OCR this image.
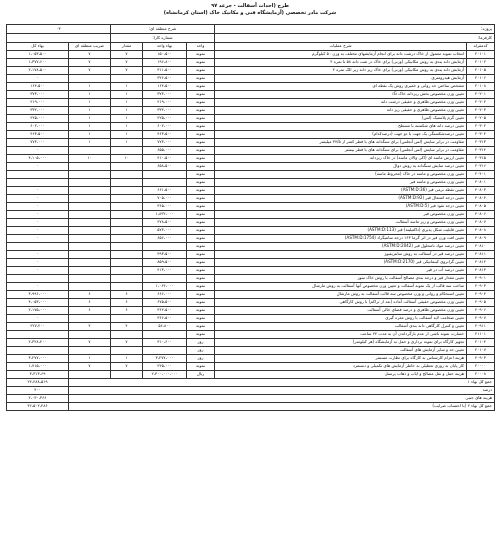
طرح (احداث آسفالت - جرعد ۹۷
شرکت مادر تخصصی (آزمایشگاه فنی و مکانیک خاک (استان کرمانشاه)
پروژه:		شرح منطقه ای:			۰۳	
کارفرما:		شماره کارا:				
کدمقرله	شرح عملیات	واحد	بهاء واحد	مقدار	ضریب منطقه ای	بهاء کل
۲۰۱۰۱	انتخاب نمونه معمول از خاک درشت دانه برای انجام آزمایشهای مختلف به وزن ۵۰ کیلوگرم	نمونه	۱۵۰،۵۰۰	۷	۷	۱،۰۵۳،۵۰۰
۲۰۱۰۲	آزمایش دانه بندی به روش مکانیکی (وزنی) برای خاک در شت دانه ۵۸ تا نمره ۴	نمونه	۱۹۶،۸۰۰	۷	۷	۱،۳۷۷،۶۰۰
۲۰۱۰۵	آزمایش دانه بندی به روش مکانیکی (وزنی) برای خاک ریز دانه زیر الک نمره ۴	نمونه	۳۱۱،۵۰۰	۷	۷	۲،۱۷۸،۵۰۰
۲۰۱۰۶	آزمایش هیدرومتری	نمونه	۳۲۶،۵۰۰			۰
۲۰۱۰۸	مشخص ساختن حد روانی و خمیری روش یک نقطه ای	نمونه	۱۶۴،۵۰۰	۱	۱	۱۶۴،۵۰۰
۲۰۲۰۱	تعیین وزن مخصوص بخش ریزدانه خاک G٪	نمونه	۳۷۳،۰۰۰	۱	۱	۳۷۳،۰۰۰
۲۰۲۰۲	تعیین وزن مخصوص ظاهری و حقیقی درشت دانه	نمونه	۲۱۹،۰۰۰	۱	۱	۲۱۹،۰۰۰
۲۰۲۰۳	تعیین وزن مخصوص ظاهری و حقیقی ریز دانه	نمونه	۳۳۲،۰۰۰	۱	۱	۳۳۲،۰۰۰
۲۰۲۰۵	تعیین گرم پلاستیک (لس)	نمونه	۲۲۵،۰۰۰	۱	۱	۲۲۵،۰۰۰
۲۰۳۰۲	تعیین درصد دانه های شکسته با مسطح	نمونه	۶۰۲،۰۰۰	۱	۱	۶۰۲،۰۰۰
۲۰۳۰۴	تعیین درصدشکستگی یک جهت یا دو جهت (درصدکدام)	نمونه	۴۶۳،۵۰۰	۱	۱	۴۶۳،۵۰۰
۲۰۳۱۳	مقاومت در برابر سایش (لس آنجلس) برای سنگدانه های با قطر کمتر از ۳۷/۵ میلیمتر	نمونه	۷۷۳،۰۰۰	۱	۱	۷۷۳،۰۰۰
۲۰۳۱۴	مقاومت در برابر سایش (لس آنجلس) برای سنگدانه های با قطر بیشتر	نمونه	۶۵۵،۰۰۰			۰
۲۰۳۱۵	تعیین ارزش ماسه ای (اکی والان ماسه) در خاک ریزدانه	نمونه	۴۱۰،۵۰۰	۱۰	۱۰	۴،۱۰۵،۰۰۰
۲۰۳۱۶	تعیین درصد سایش سنگدانه به روش دوال	نمونه	۶۵۸،۵۰۰			۰
۲۰۴۰۱	تعیین وزن مخصوص و ماسه در خاک (مخروط ماسه)	نمونه				
۲۰۸۰۱	تعیین وزن مخصوص و ماسه فیر	نمونه				
۲۰۸۰۳	تعیین نقطه نرمی قیر (ASTM:D:36)	نمونه	۶۶۱،۵۰۰			۰
۲۰۸۰۴	تعیین درجه اشتعال قیر (ASTM:D:92)	نمونه	۷۰۵،۰۰۰			۰
۲۰۸۰۵	تعیین درجه نفوذ قیر (ASTM:D:5)	نمونه	۳۶۵،۰۰۰			۰
۲۰۸۰۶	تعیین وزن مخصوص قیر	نمونه	۱،۸۳۲،۰۰۰			۰
۲۰۸۰۷	تعیین وزن مخصوص و ریز ماسه آسفالت	نمونه	۲۷۸،۵۰۰			۰
۲۰۸۰۸	تعیین قابلیت شکل پذیری (داکتیلیته) قیر (ASTM:D:113)	نمونه	۵۷۳،۰۰۰			۰
۲۰۸۰۹	تعیین افت وزن قیر در اثر گرما ۱۶۳ درجه سانتیگراد (ASTM:D:1754)	نمونه	۶۵۶،۰۰۰			۰
۲۰۸۱۰	تعیین درصد مواد نامحلول قیر (ASTM:D:2042)	نمونه				
۲۰۸۱۱	تعیین درصد قیر در آسفالت به روش سانتریفیوژ	نمونه	۴۹۳،۵۰۰			۰
۲۰۸۱۲	تعیین گرانروی کینماتیکی قیر (ASTM:D:2170)	نمونه	۸۵۹،۵۰۰			۰
۲۰۸۱۳	تعیین درصد آب در قیر	نمونه	۴۱۳،۰۰۰			۰
۲۰۹۰۱	تعیین مقدار قیر و درجه بندی مصالح آسفالت با روش خاک سوز	نمونه				
۲۰۹۰۳	ساخت سه قالب از یک نمونه آسفالت و تعیین وزن مخصوص آنها آسفالت به روش مارشال	نمونه	۱،۰۶۴،۰۰۰			۰
۲۰۹۰۴	تعیین استحکام و روانی و وزن مخصوص سه قالب آسفالت به روش مارشال	نمونه	۶۶۶،۰۰۰	۶	۶	۳،۹۹۶،۰۰۰
۲۰۹۰۵	تعیین وزن مخصوص حقیقی آسفالت آماده (بعد از تراکم) با روش کارگاهی	نمونه	۶۷۵،۵۰۰	۶	۶	۴،۰۵۳،۰۰۰
۲۰۹۰۶	تعیین وزن مخصوص ظاهری و درصد فضای خالی آسفالت	نمونه	۳۶۲،۵۰۰	۶	۶	۲،۱۷۵،۰۰۰
۲۰۹۰۷	تعیین ضخامت لایه آسفالت با روش مغزه گیری	نمونه	۳۶۶،۵۰۰			۰
۲۰۹۱۱	تعیین و کنترل کارگاهی دانه بندی آسفالت	نمونه	۵۶،۸۰۰	۴	۴	۲۲۷،۲۰۰
۲۱۱۰۱	خسارت نمونه ناشی از عدم بازگرداندن آن به مدت ۲۴ ساعت	نمونه				
۲۰۱۰۴	تجهیز کارگاه برای نمونه برداری و حمل به آزمایشگاه (هر کیلومتر)	روز	۳۱۰،۶۰۰	۷	۷	۲،۳۲۸،۲۰۰
۲۰۱۰۷	تعیین حد و سایر آزمایش های آسفالت	روز				
۲۰۹۰۳	هزینه اعزام کارشناس به کارگاه برای نظارت مستمر	روز	۳،۲۷۷،۰۰۰	۱	۱	۳،۲۷۷،۰۰۰
۲۰۰۰۰	کار پایان به روزی تعطیلی به خاطر آزمایش های تکمیلی و دستمزد	نمونه	۲۴۵،۰۰۰	۷	۷	۱،۷۱۵،۰۰۰
۲۰۰۰۸	هزینه حمل و نقل مصالح و ایاب و ذهاب پرسنل	ریال	۲،۳۰۰،۰۰۰،۰۰۰			۳،۳۱۳،۶۹
جمع کل بهاء ۱						۲۴،۲۸۸،۵۱۹
درصد						۴۰۰
هزینه های جنبی						۲،۰۳۰،۳۶۶
جمع کل بهاء ۲ (با احتساب ضرایب)						۳۶،۵۰۲،۴۸۶
